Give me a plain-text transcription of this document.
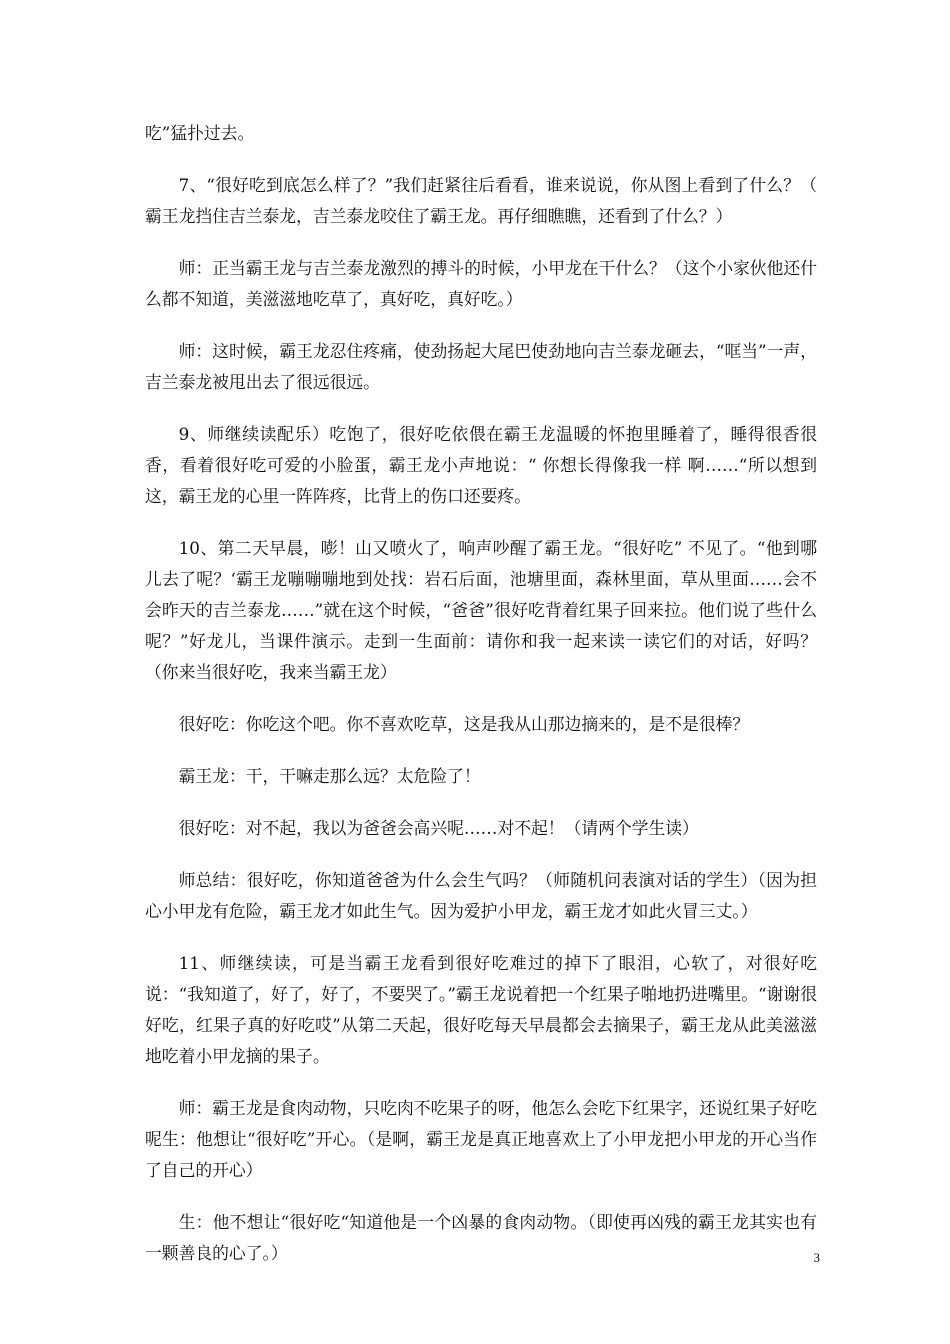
吃”猛扑过去。

7、“很好吃到底怎么样了？”我们赶紧往后看看，谁来说说，你从图上看到了什么？（ 霸王龙挡住吉兰泰龙，吉兰泰龙咬住了霸王龙。再仔细瞧瞧，还看到了什么？）

师：正当霸王龙与吉兰泰龙激烈的搏斗的时候，小甲龙在干什么？（这个小家伙他还什么都不知道，美滋滋地吃草了，真好吃，真好吃。）

师：这时候，霸王龙忍住疼痛，使劲扬起大尾巴使劲地向吉兰泰龙砸去，“哐当”一声，吉兰泰龙被甩出去了很远很远。

9、师继续读配乐）吃饱了，很好吃依偎在霸王龙温暖的怀抱里睡着了，睡得很香很香，看着很好吃可爱的小脸蛋，霸王龙小声地说：“ 你想长得像我一样 啊……“所以想到这，霸王龙的心里一阵阵疼，比背上的伤口还要疼。

10、第二天早晨，嘭！山又喷火了，响声吵醒了霸王龙。“很好吃” 不见了。“他到哪儿去了呢？‘霸王龙嘣嘣嘣地到处找：岩石后面，池塘里面，森林里面，草从里面……会不会昨天的吉兰泰龙……”就在这个时候，“爸爸”很好吃背着红果子回来拉。他们说了些什么呢？”好龙儿，当课件演示。走到一生面前：请你和我一起来读一读它们的对话，好吗？ （你来当很好吃，我来当霸王龙）

很好吃：你吃这个吧。你不喜欢吃草，这是我从山那边摘来的，是不是很棒？

霸王龙：干，干嘛走那么远？太危险了！

很好吃：对不起，我以为爸爸会高兴呢……对不起！（请两个学生读）

师总结：很好吃，你知道爸爸为什么会生气吗？（师随机问表演对话的学生）（因为担心小甲龙有危险，霸王龙才如此生气。因为爱护小甲龙，霸王龙才如此火冒三丈。）

11、师继续读，可是当霸王龙看到很好吃难过的掉下了眼泪，心软了，对很好吃说：“我知道了，好了，好了，不要哭了。”霸王龙说着把一个红果子啪地扔进嘴里。“谢谢很好吃，红果子真的好吃哎”从第二天起，很好吃每天早晨都会去摘果子，霸王龙从此美滋滋地吃着小甲龙摘的果子。

师：霸王龙是食肉动物，只吃肉不吃果子的呀，他怎么会吃下红果字，还说红果子好吃呢生：他想让“很好吃”开心。（是啊，霸王龙是真正地喜欢上了小甲龙把小甲龙的开心当作了自己的开心）

生：他不想让“很好吃“知道他是一个凶暴的食肉动物。（即使再凶残的霸王龙其实也有一颗善良的心了。）	3
